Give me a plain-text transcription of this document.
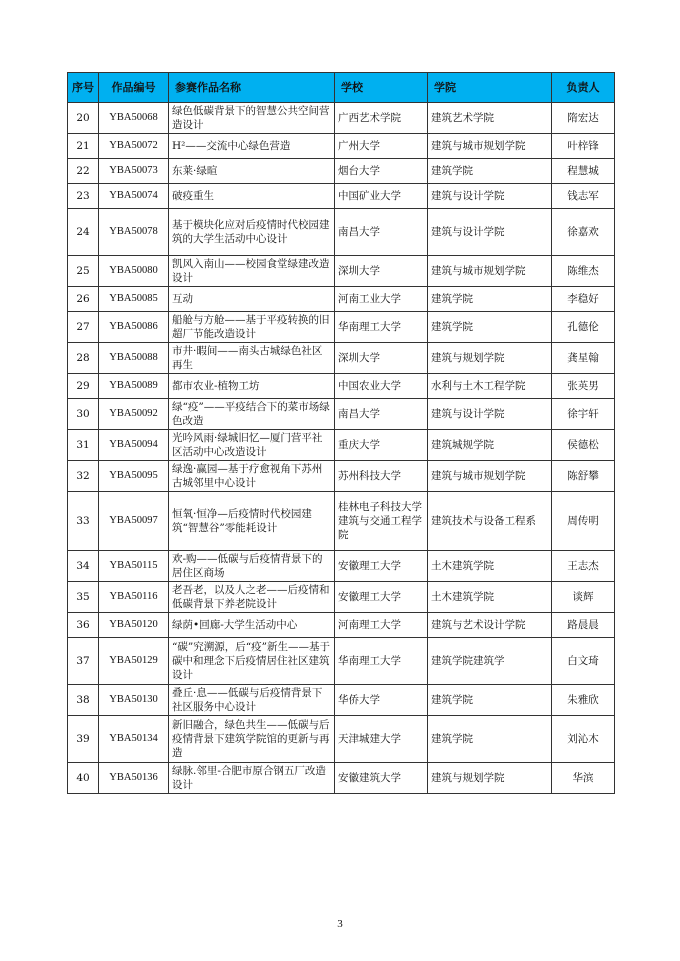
序号	作品编号	参赛作品名称	学校	学院	负责人
20	YBA50068	绿色低碳背景下的智慧公共空间营造设计	广西艺术学院	建筑艺术学院	隋宏达
21	YBA50072	H²——交流中心绿色营造	广州大学	建筑与城市规划学院	叶梓锋
22	YBA50073	东莱·绿暄	烟台大学	建筑学院	程慧城
23	YBA50074	破疫重生	中国矿业大学	建筑与设计学院	钱志军
24	YBA50078	基于模块化应对后疫情时代校园建筑的大学生活动中心设计	南昌大学	建筑与设计学院	徐嘉欢
25	YBA50080	凯风入南山——校园食堂绿建改造设计	深圳大学	建筑与城市规划学院	陈维杰
26	YBA50085	互动	河南工业大学	建筑学院	李稳好
27	YBA50086	船舱与方舱——基于平疫转换的旧超厂节能改造设计	华南理工大学	建筑学院	孔德伦
28	YBA50088	市井·暇间——南头古城绿色社区再生	深圳大学	建筑与规划学院	龚星翰
29	YBA50089	都市农业-植物工坊	中国农业大学	水利与土木工程学院	张英男
30	YBA50092	绿“疫”——平疫结合下的菜市场绿色改造	南昌大学	建筑与设计学院	徐宇轩
31	YBA50094	光吟风雨·绿城旧忆—厦门营平社区活动中心改造设计	重庆大学	建筑城规学院	侯德松
32	YBA50095	绿逸·赢园—基于疗愈视角下苏州古城邻里中心设计	苏州科技大学	建筑与城市规划学院	陈舒攀
33	YBA50097	恒氧·恒净—后疫情时代校园建筑“智慧谷”零能耗设计	桂林电子科技大学建筑与交通工程学院	建筑技术与设备工程系	周传明
34	YBA50115	欢-购——低碳与后疫情背景下的居住区商场	安徽理工大学	土木建筑学院	王志杰
35	YBA50116	老吾老，以及人之老——后疫情和低碳背景下养老院设计	安徽理工大学	土木建筑学院	谈辉
36	YBA50120	绿荫•回廊-大学生活动中心	河南理工大学	建筑与艺术设计学院	路晨晨
37	YBA50129	“碳”究溯源，后“疫”新生——基于碳中和理念下后疫情居住社区建筑设计	华南理工大学	建筑学院建筑学	白文琦
38	YBA50130	叠丘·息——低碳与后疫情背景下社区服务中心设计	华侨大学	建筑学院	朱雅欣
39	YBA50134	新旧融合，绿色共生——低碳与后疫情背景下建筑学院馆的更新与再造	天津城建大学	建筑学院	刘沁木
40	YBA50136	绿脉.邻里-合肥市原合钢五厂改造设计	安徽建筑大学	建筑与规划学院	华滨
3
